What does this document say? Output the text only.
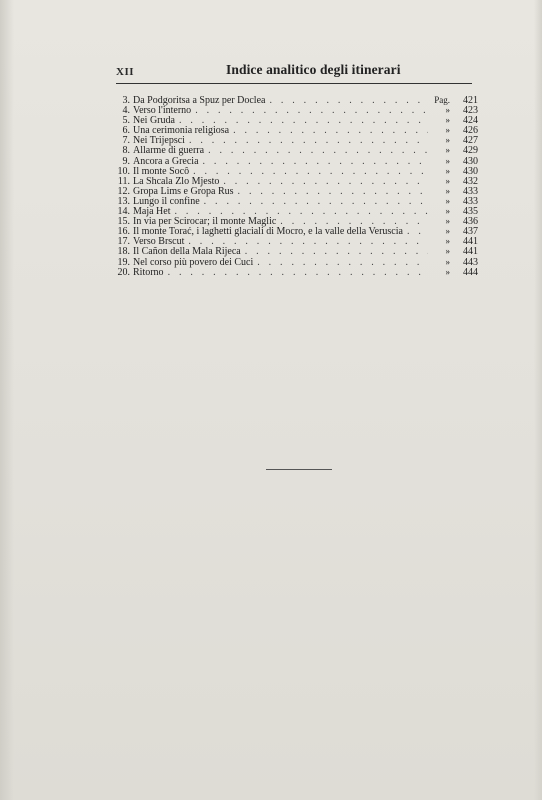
XII	Indice analitico degli itinerari
3. Da Podgoritsa a Spuz per Doclea . . .	Pag.	421
4. Verso l'interno . . .	»	423
5. Nei Gruda . . .	»	424
6. Una cerimonia religiosa . . .	»	426
7. Nei Trijepsci . . .	»	427
8. Allarme di guerra . . .	»	429
9. Ancora a Grecia . . .	»	430
10. Il monte Socô . . .	»	430
11. La Shcala Zlo Mjesto . . .	»	432
12. Gropa Lims e Gropa Rus . . .	»	433
13. Lungo il confine . . .	»	433
14. Maja Het . . .	»	435
15. In via per Scirocar; il monte Maglic . . .	»	436
16. Il monte Torać, i laghetti glaciali di Mocro, e la valle della Veruscia . . .	»	437
17. Verso Brscut . . .	»	441
18. Il Cañon della Mala Rijeca . . .	»	441
19. Nel corso più povero dei Cuci . . .	»	443
20. Ritorno . . .	»	444
